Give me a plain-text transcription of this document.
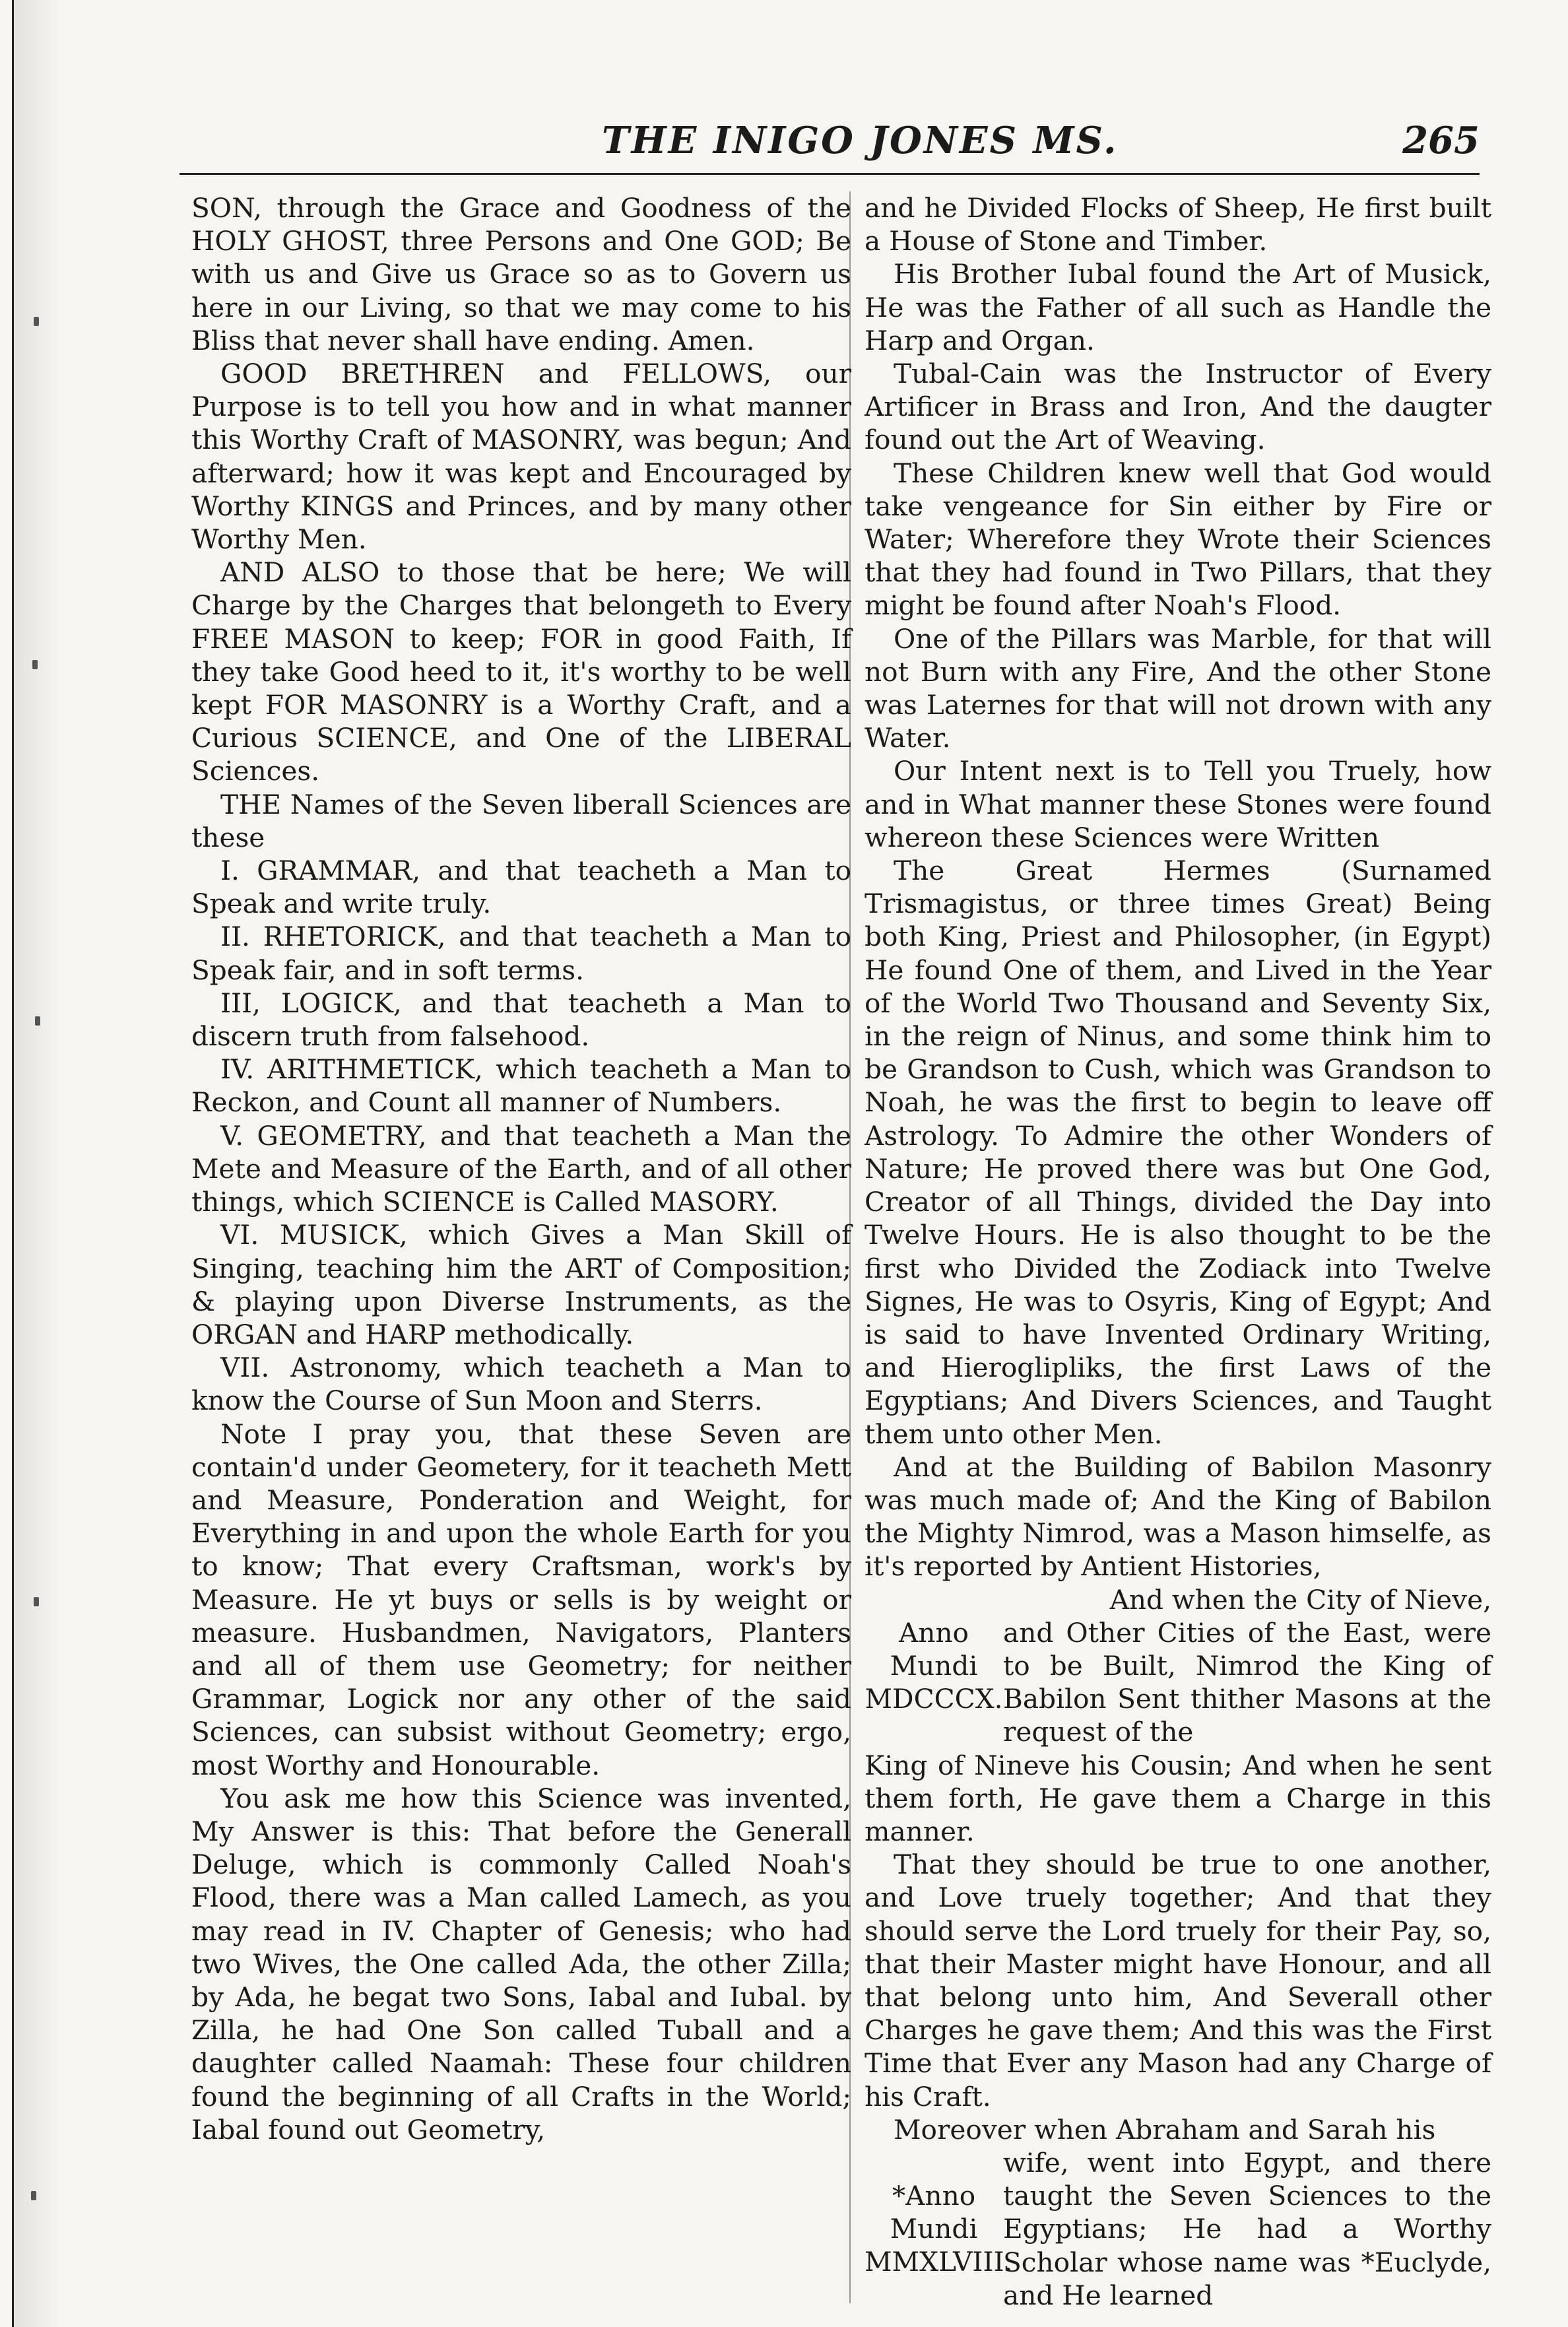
THE INIGO JONES MS.	265

SON, through the Grace and Goodness of the HOLY GHOST, three Persons and One GOD; Be with us and Give us Grace so as to Govern us here in our Living, so that we may come to his Bliss that never shall have ending. Amen.

GOOD BRETHREN and FELLOWS, our Purpose is to tell you how and in what manner this Worthy Craft of MASONRY, was begun; And afterward; how it was kept and Encouraged by Worthy KINGS and Princes, and by many other Worthy Men.

AND ALSO to those that be here; We will Charge by the Charges that belongeth to Every FREE MASON to keep; FOR in good Faith, If they take Good heed to it, it's worthy to be well kept FOR MASONRY is a Worthy Craft, and a Curious SCIENCE, and One of the LIBERAL Sciences.

THE Names of the Seven liberall Sciences are these

I. GRAMMAR, and that teacheth a Man to Speak and write truly.

II. RHETORICK, and that teacheth a Man to Speak fair, and in soft terms.

III, LOGICK, and that teacheth a Man to discern truth from falsehood.

IV. ARITHMETICK, which teacheth a Man to Reckon, and Count all manner of Numbers.

V. GEOMETRY, and that teacheth a Man the Mete and Measure of the Earth, and of all other things, which SCIENCE is Called MASORY.

VI. MUSICK, which Gives a Man Skill of Singing, teaching him the ART of Composition; & playing upon Diverse Instruments, as the ORGAN and HARP methodically.

VII. Astronomy, which teacheth a Man to know the Course of Sun Moon and Sterrs.

Note I pray you, that these Seven are contain'd under Geometery, for it teacheth Mett and Measure, Ponderation and Weight, for Everything in and upon the whole Earth for you to know; That every Craftsman, work's by Measure. He yt buys or sells is by weight or measure. Husbandmen, Navigators, Planters and all of them use Geometry; for neither Grammar, Logick nor any other of the said Sciences, can subsist without Geometry; ergo, most Worthy and Honourable.

You ask me how this Science was invented, My Answer is this: That before the Generall Deluge, which is commonly Called Noah's Flood, there was a Man called Lamech, as you may read in IV. Chapter of Genesis; who had two Wives, the One called Ada, the other Zilla; by Ada, he begat two Sons, Iabal and Iubal. by Zilla, he had One Son called Tuball and a daughter called Naamah: These four children found the beginning of all Crafts in the World; Iabal found out Geometry,

and he Divided Flocks of Sheep, He first built a House of Stone and Timber.

His Brother Iubal found the Art of Musick, He was the Father of all such as Handle the Harp and Organ.

Tubal-Cain was the Instructor of Every Artificer in Brass and Iron, And the daugter found out the Art of Weaving.

These Children knew well that God would take vengeance for Sin either by Fire or Water; Wherefore they Wrote their Sciences that they had found in Two Pillars, that they might be found after Noah's Flood.

One of the Pillars was Marble, for that will not Burn with any Fire, And the other Stone was Laternes for that will not drown with any Water.

Our Intent next is to Tell you Truely, how and in What manner these Stones were found whereon these Sciences were Written

The Great Hermes (Surnamed Trismagistus, or three times Great) Being both King, Priest and Philosopher, (in Egypt) He found One of them, and Lived in the Year of the World Two Thousand and Seventy Six, in the reign of Ninus, and some think him to be Grandson to Cush, which was Grandson to Noah, he was the first to begin to leave off Astrology. To Admire the other Wonders of Nature; He proved there was but One God, Creator of all Things, divided the Day into Twelve Hours. He is also thought to be the first who Divided the Zodiack into Twelve Signes, He was to Osyris, King of Egypt; And is said to have Invented Ordinary Writing, and Hieroglipliks, the first Laws of the Egyptians; And Divers Sciences, and Taught them unto other Men.

And at the Building of Babilon Masonry was much made of; And the King of Babilon the Mighty Nimrod, was a Mason himselfe, as it's reported by Antient Histories,

And when the City of Nieve,

Anno
Mundi
MDCCCX.
and Other Cities of the East, were to be Built, Nimrod the King of Babilon Sent thither Masons at the request of the

King of Nineve his Cousin; And when he sent them forth, He gave them a Charge in this manner.

That they should be true to one another, and Love truely together; And that they should serve the Lord truely for their Pay, so, that their Master might have Honour, and all that belong unto him, And Severall other Charges he gave them; And this was the First Time that Ever any Mason had any Charge of his Craft.

Moreover when Abraham and Sarah his

*Anno
Mundi
MMXLVIII.
wife, went into Egypt, and there taught the Seven Sciences to the Egyptians; He had a Worthy Scholar whose name was *Euclyde, and He learned
